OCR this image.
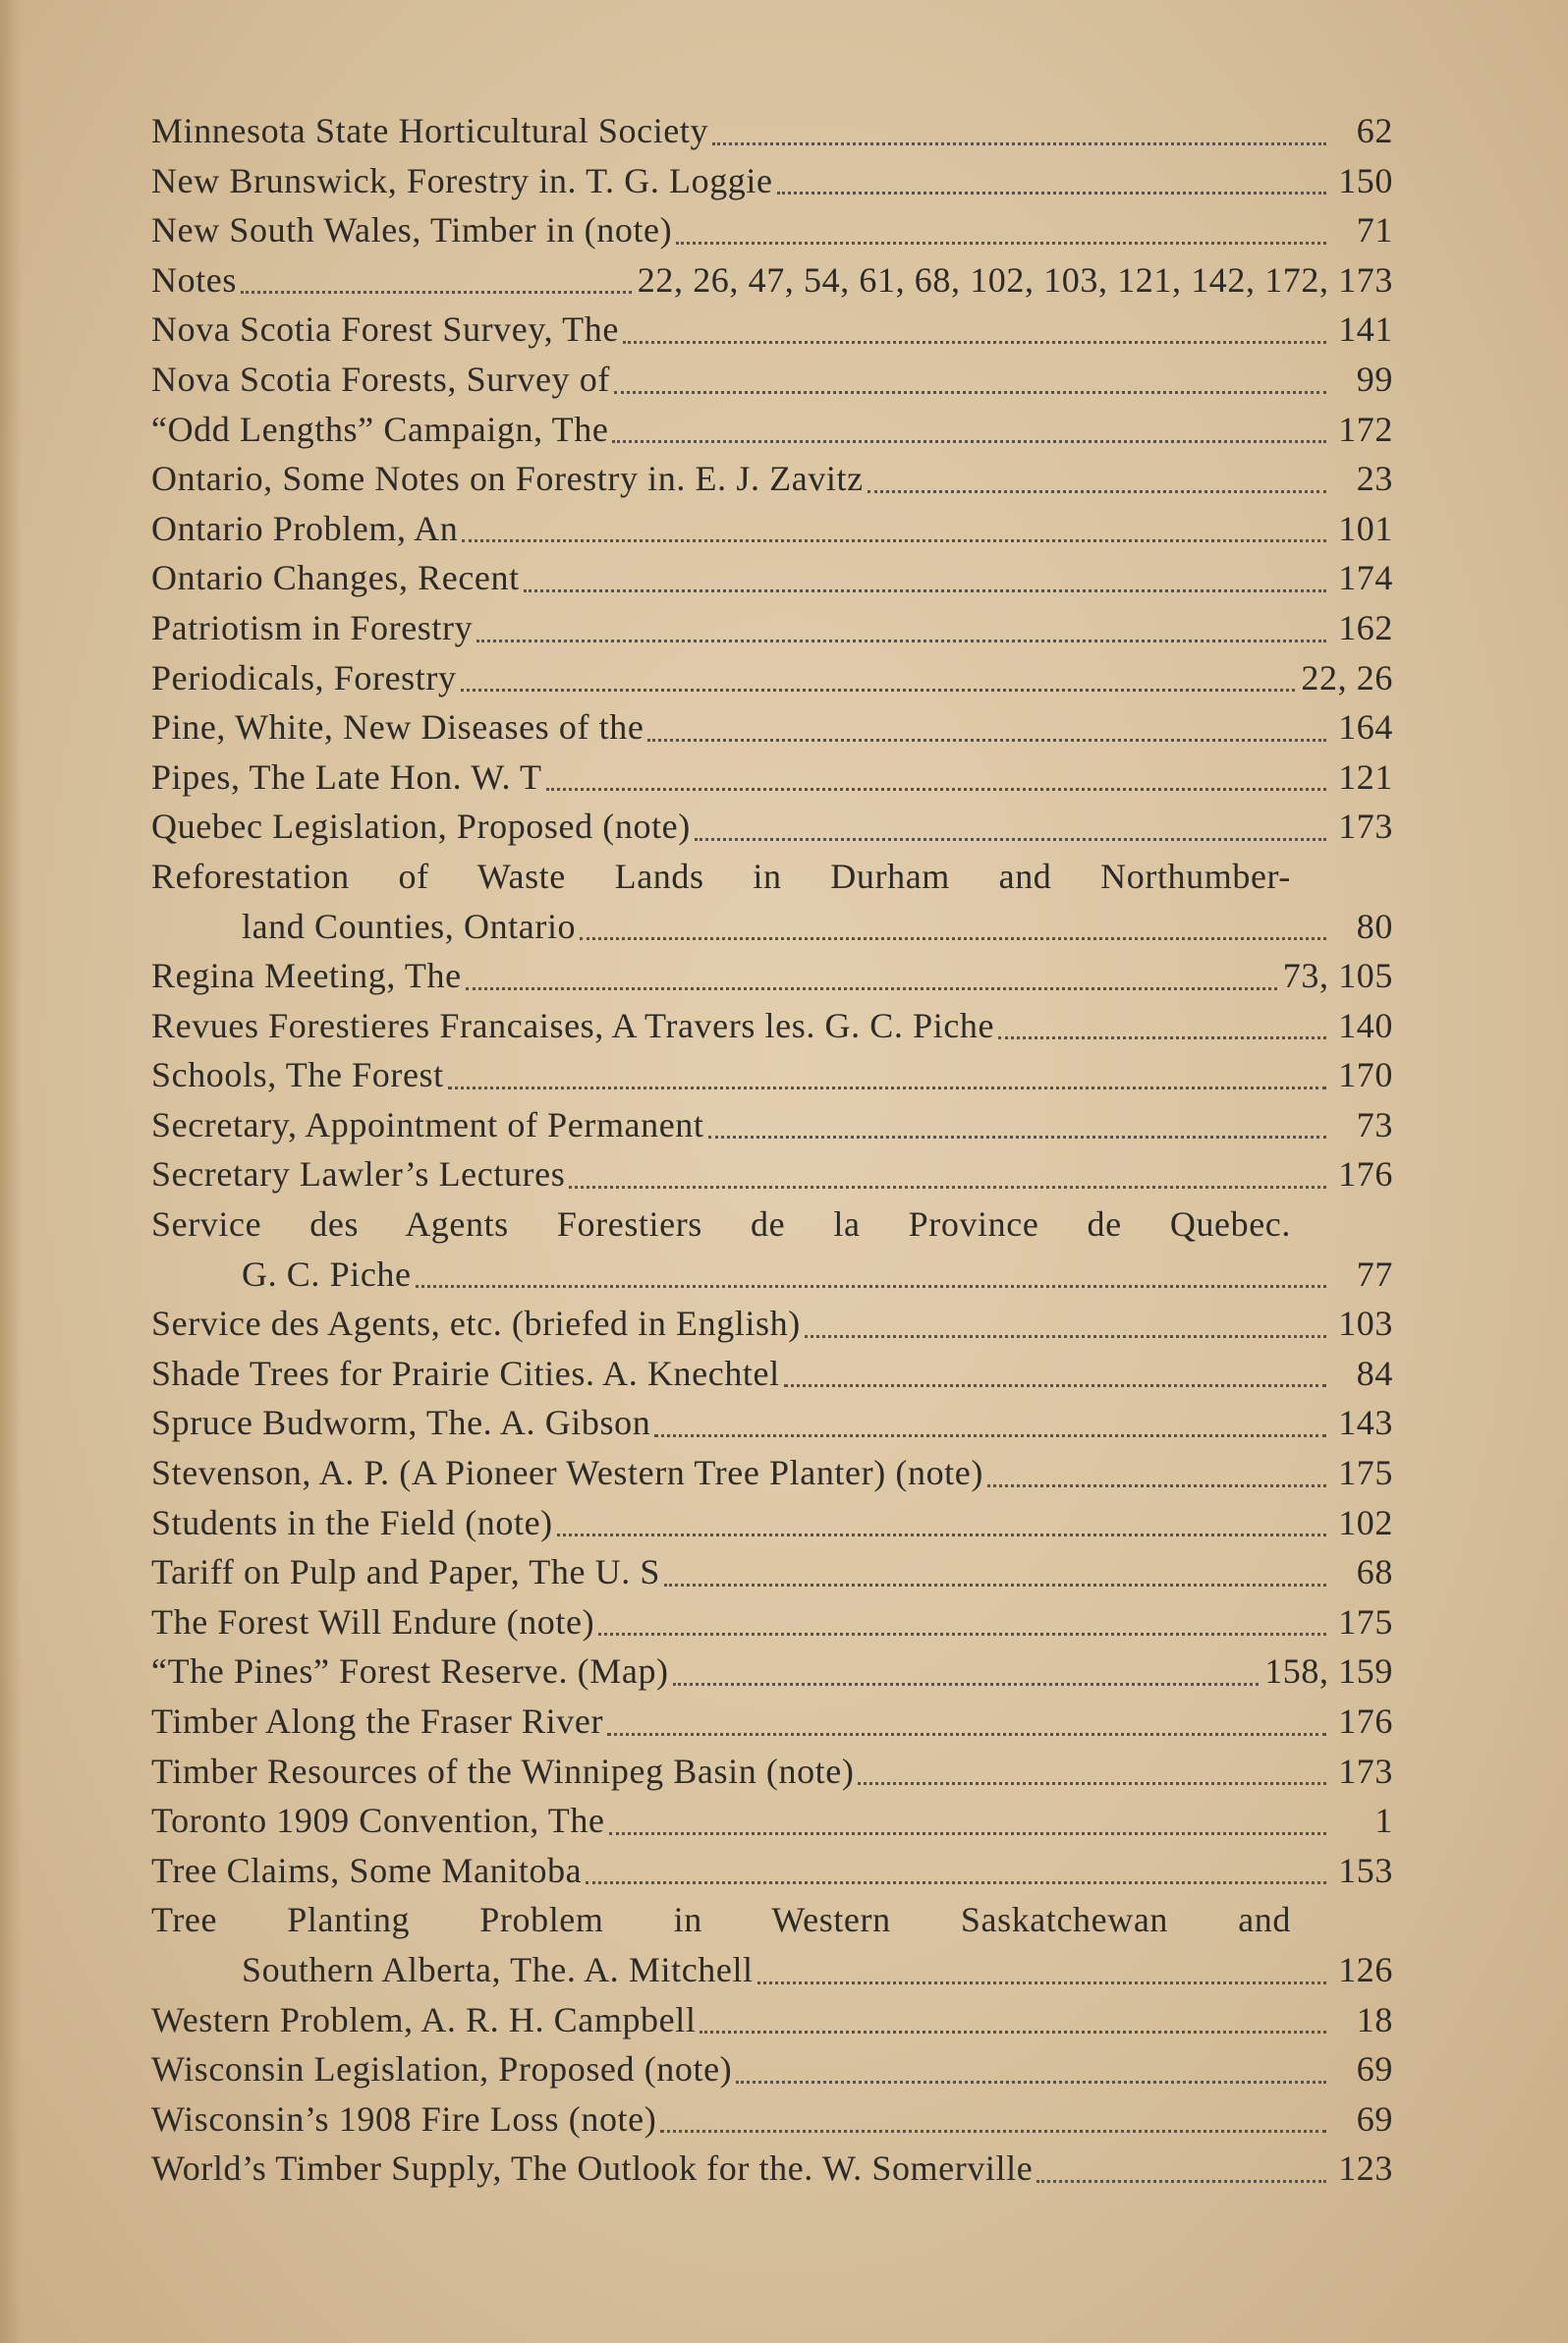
Minnesota State Horticultural Society	62
New Brunswick, Forestry in. T. G. Loggie	150
New South Wales, Timber in (note)	71
Notes	22, 26, 47, 54, 61, 68, 102, 103, 121, 142, 172, 173
Nova Scotia Forest Survey, The	141
Nova Scotia Forests, Survey of	99
“Odd Lengths” Campaign, The	172
Ontario, Some Notes on Forestry in. E. J. Zavitz	23
Ontario Problem, An	101
Ontario Changes, Recent	174
Patriotism in Forestry	162
Periodicals, Forestry	22, 26
Pine, White, New Diseases of the	164
Pipes, The Late Hon. W. T	121
Quebec Legislation, Proposed (note)	173
Reforestation of Waste Lands in Durham and Northumber-
land Counties, Ontario	80
Regina Meeting, The	73, 105
Revues Forestieres Francaises, A Travers les. G. C. Piche	140
Schools, The Forest	170
Secretary, Appointment of Permanent	73
Secretary Lawler’s Lectures	176
Service des Agents Forestiers de la Province de Quebec.
G. C. Piche	77
Service des Agents, etc. (briefed in English)	103
Shade Trees for Prairie Cities. A. Knechtel	84
Spruce Budworm, The. A. Gibson	143
Stevenson, A. P. (A Pioneer Western Tree Planter) (note)	175
Students in the Field (note)	102
Tariff on Pulp and Paper, The U. S	68
The Forest Will Endure (note)	175
“The Pines” Forest Reserve. (Map)	158, 159
Timber Along the Fraser River	176
Timber Resources of the Winnipeg Basin (note)	173
Toronto 1909 Convention, The	1
Tree Claims, Some Manitoba	153
Tree Planting Problem in Western Saskatchewan and
Southern Alberta, The. A. Mitchell	126
Western Problem, A. R. H. Campbell	18
Wisconsin Legislation, Proposed (note)	69
Wisconsin’s 1908 Fire Loss (note)	69
World’s Timber Supply, The Outlook for the. W. Somerville	123
